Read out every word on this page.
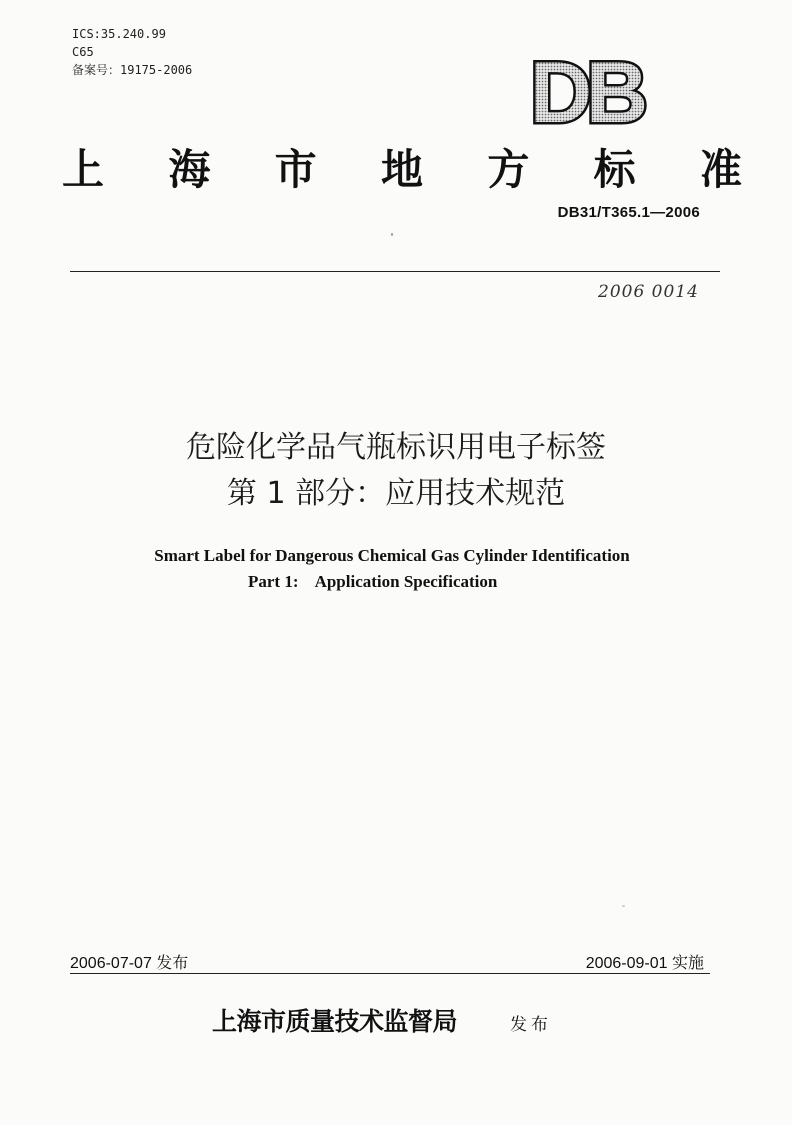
ICS:35.240.99
C65
备案号：19175-2006	DB
上 海 市 地 方 标 准
DB31/T365.1—2006
2006 0014
危险化学品气瓶标识用电子标签
第 1 部分：应用技术规范
Smart Label for Dangerous Chemical Gas Cylinder Identification
Part 1:    Application Specification
2006-07-07 发布	2006-09-01 实施
上海市质量技术监督局	发布
